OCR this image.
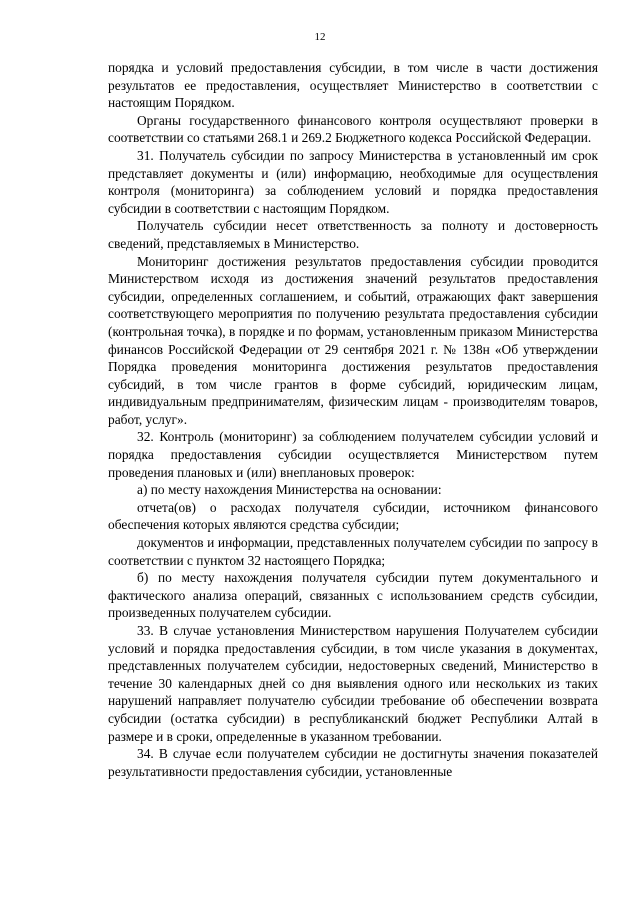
12

порядка и условий предоставления субсидии, в том числе в части достижения результатов ее предоставления, осуществляет Министерство в соответствии с настоящим Порядком.

Органы государственного финансового контроля осуществляют проверки в соответствии со статьями 268.1 и 269.2 Бюджетного кодекса Российской Федерации.

31. Получатель субсидии по запросу Министерства в установленный им срок представляет документы и (или) информацию, необходимые для осуществления контроля (мониторинга) за соблюдением условий и порядка предоставления субсидии в соответствии с настоящим Порядком.

Получатель субсидии несет ответственность за полноту и достоверность сведений, представляемых в Министерство.

Мониторинг достижения результатов предоставления субсидии проводится Министерством исходя из достижения значений результатов предоставления субсидии, определенных соглашением, и событий, отражающих факт завершения соответствующего мероприятия по получению результата предоставления субсидии (контрольная точка), в порядке и по формам, установленным приказом Министерства финансов Российской Федерации от 29 сентября 2021 г. № 138н «Об утверждении Порядка проведения мониторинга достижения результатов предоставления субсидий, в том числе грантов в форме субсидий, юридическим лицам, индивидуальным предпринимателям, физическим лицам - производителям товаров, работ, услуг».

32. Контроль (мониторинг) за соблюдением получателем субсидии условий и порядка предоставления субсидии осуществляется Министерством путем проведения плановых и (или) внеплановых проверок:

а) по месту нахождения Министерства на основании:

отчета(ов) о расходах получателя субсидии, источником финансового обеспечения которых являются средства субсидии;

документов и информации, представленных получателем субсидии по запросу в соответствии с пунктом 32 настоящего Порядка;

б) по месту нахождения получателя субсидии путем документального и фактического анализа операций, связанных с использованием средств субсидии, произведенных получателем субсидии.

33. В случае установления Министерством нарушения Получателем субсидии условий и порядка предоставления субсидии, в том числе указания в документах, представленных получателем субсидии, недостоверных сведений, Министерство в течение 30 календарных дней со дня выявления одного или нескольких из таких нарушений направляет получателю субсидии требование об обеспечении возврата субсидии (остатка субсидии) в республиканский бюджет Республики Алтай в размере и в сроки, определенные в указанном требовании.

34. В случае если получателем субсидии не достигнуты значения показателей результативности предоставления субсидии, установленные
